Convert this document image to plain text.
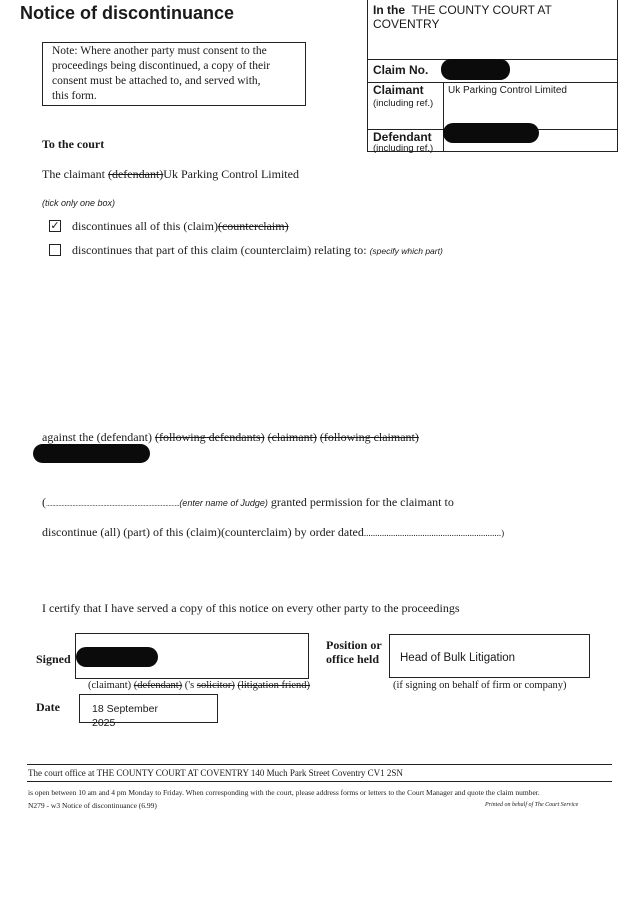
Notice of discontinuance	In the THE COUNTY COURT AT
COVENTRY
Claim No.
Claimant
(including ref.)
Uk Parking Control Limited
Defendant
(including ref.)
Note: Where another party must consent to the
proceedings being discontinued, a copy of their
consent must be attached to, and served with,
this form.
To the court
The claimant (defendant)Uk Parking Control Limited
(tick only one box)
✓ discontinues all of this (claim)(counterclaim)
discontinues that part of this claim (counterclaim) relating to: (specify which part)
against the (defendant) (following defendants) (claimant) (following claimant)
(......................................................................................(enter name of Judge) granted permission for the claimant to
discontinue (all) (part) of this (claim)(counterclaim) by order dated.............................................................)
I certify that I have served a copy of this notice on every other party to the proceedings
Signed
(claimant) (defendant) ('s solicitor) (litigation friend)
Position or
office held Head of Bulk Litigation
(if signing on behalf of firm or company)
Date	18 September
2025
The court office at THE COUNTY COURT AT COVENTRY 140 Much Park Street Coventry CV1 2SN
is open between 10 am and 4 pm Monday to Friday. When corresponding with the court, please address forms or letters to the Court Manager and quote the claim number.
N279 - w3 Notice of discontinuance (6.99)	Printed on behalf of The Court Service
